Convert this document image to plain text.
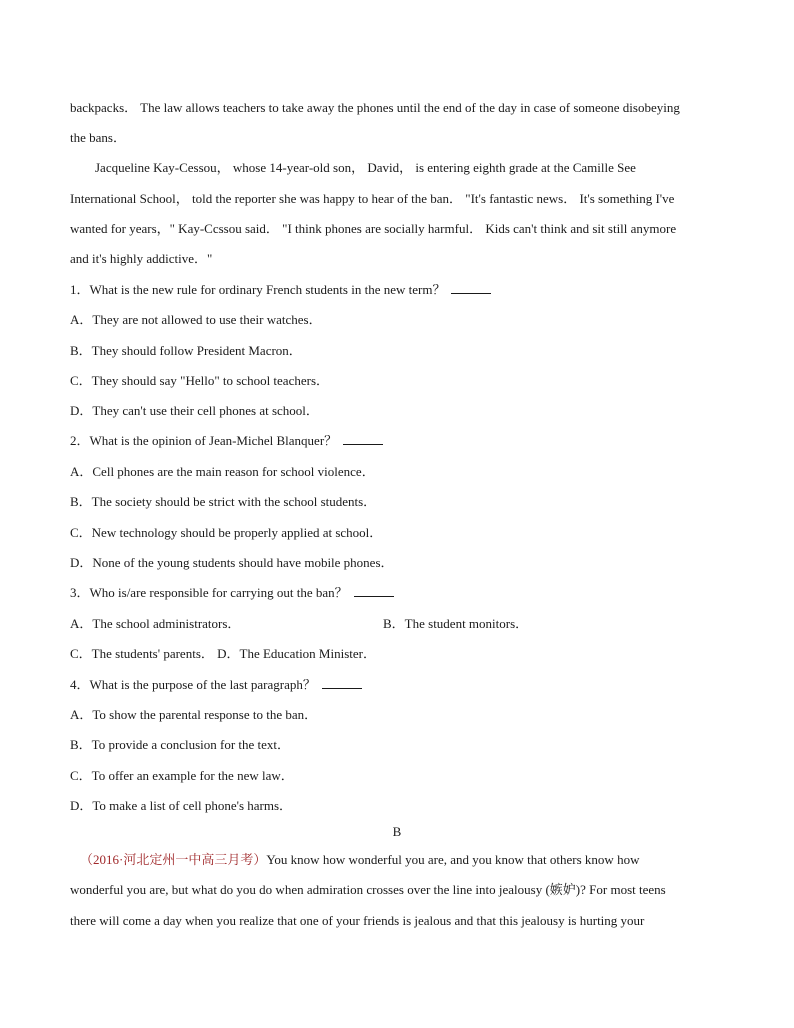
backpacks． The law allows teachers to take away the phones until the end of the day in case of someone disobeying
the bans．
Jacqueline Kay-Cessou， whose 14-year-old son， David， is entering eighth grade at the Camille See
International School， told the reporter she was happy to hear of the ban． "It's fantastic news． It's something I've
wanted for years，" Kay-Ccssou said． "I think phones are socially harmful． Kids can't think and sit still anymore
and it's highly addictive．"
1．What is the new rule for ordinary French students in the new term？
A．They are not allowed to use their watches．
B．They should follow President Macron．
C．They should say "Hello" to school teachers．
D．They can't use their cell phones at school．
2．What is the opinion of Jean-Michel Blanquer？
A．Cell phones are the main reason for school violence．
B．The society should be strict with the school students．
C．New technology should be properly applied at school．
D．None of the young students should have mobile phones．
3．Who is/are responsible for carrying out the ban？
A．The school administrators．	B．The student monitors．
C．The students' parents． D．The Education Minister．
4．What is the purpose of the last paragraph？
A．To show the parental response to the ban．
B．To provide a conclusion for the text．
C．To offer an example for the new law．
D．To make a list of cell phone's harms．
B
（2016·河北定州一中高三月考）You know how wonderful you are, and you know that others know how
wonderful you are, but what do you do when admiration crosses over the line into jealousy (嫉妒)? For most teens
there will come a day when you realize that one of your friends is jealous and that this jealousy is hurting your
